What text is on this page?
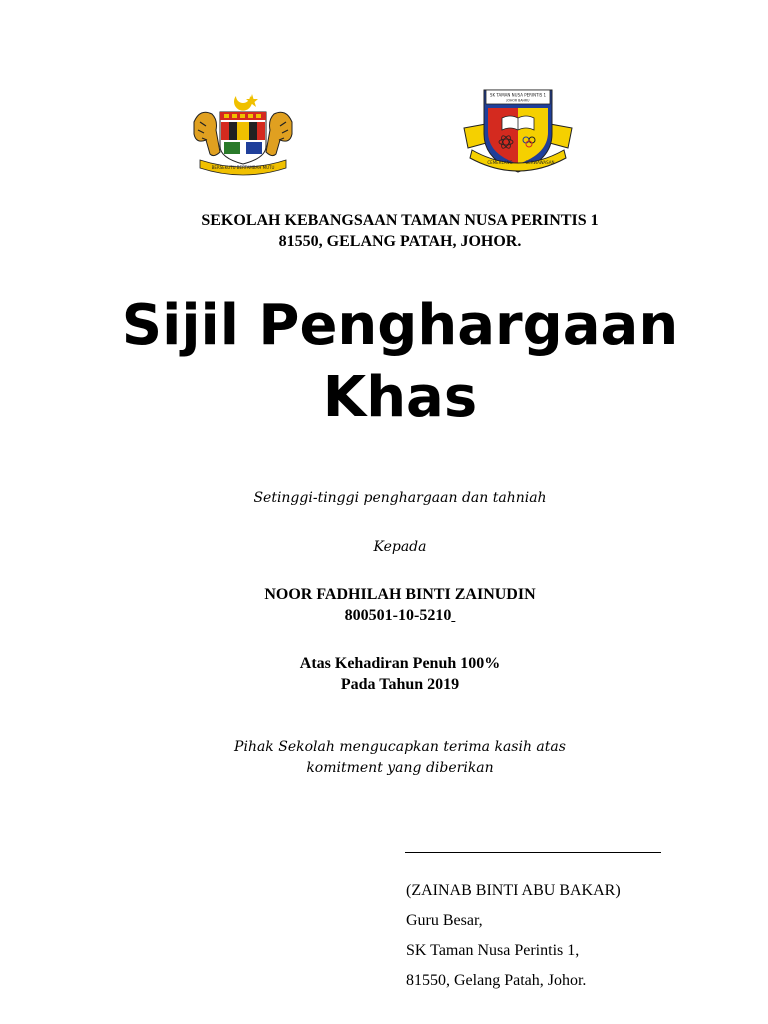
BERSEKUTU BERTAMBAH MUTU
SK TAMAN NUSA PERINTIS 1
JOHOR BAHRU
CEMERLANG	BERWAWASAN
SEKOLAH KEBANGSAAN TAMAN NUSA PERINTIS 1
81550, GELANG PATAH, JOHOR.
Sijil Penghargaan
Khas
Setinggi-tinggi penghargaan dan tahniah
Kepada
NOOR FADHILAH BINTI ZAINUDIN
800501-10-5210
Atas Kehadiran Penuh 100%
Pada Tahun 2019
Pihak Sekolah mengucapkan terima kasih atas
komitment yang diberikan
(ZAINAB BINTI ABU BAKAR)
Guru Besar,
SK Taman Nusa Perintis 1,
81550, Gelang Patah, Johor.
